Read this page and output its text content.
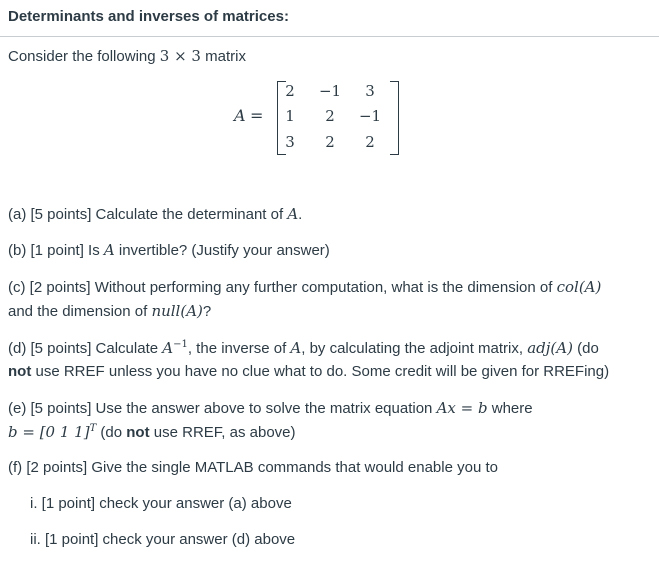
Determinants and inverses of matrices:
Consider the following 3 × 3 matrix
A =
2	−1	3
1	2	−1
3	2	2
(a) [5 points] Calculate the determinant of A.
(b) [1 point] Is A invertible? (Justify your answer)
(c) [2 points] Without performing any further computation, what is the dimension of col(A)
and the dimension of null(A)?
(d) [5 points] Calculate $A^{-1}$, the inverse of A, by calculating the adjoint matrix, adj(A) (do
not use RREF unless you have no clue what to do. Some credit will be given for RREFing)
(e) [5 points] Use the answer above to solve the matrix equation Ax = b where
b = [0 1 1]$^T$ (do not use RREF, as above)
(f) [2 points] Give the single MATLAB commands that would enable you to
i. [1 point] check your answer (a) above
ii. [1 point] check your answer (d) above
